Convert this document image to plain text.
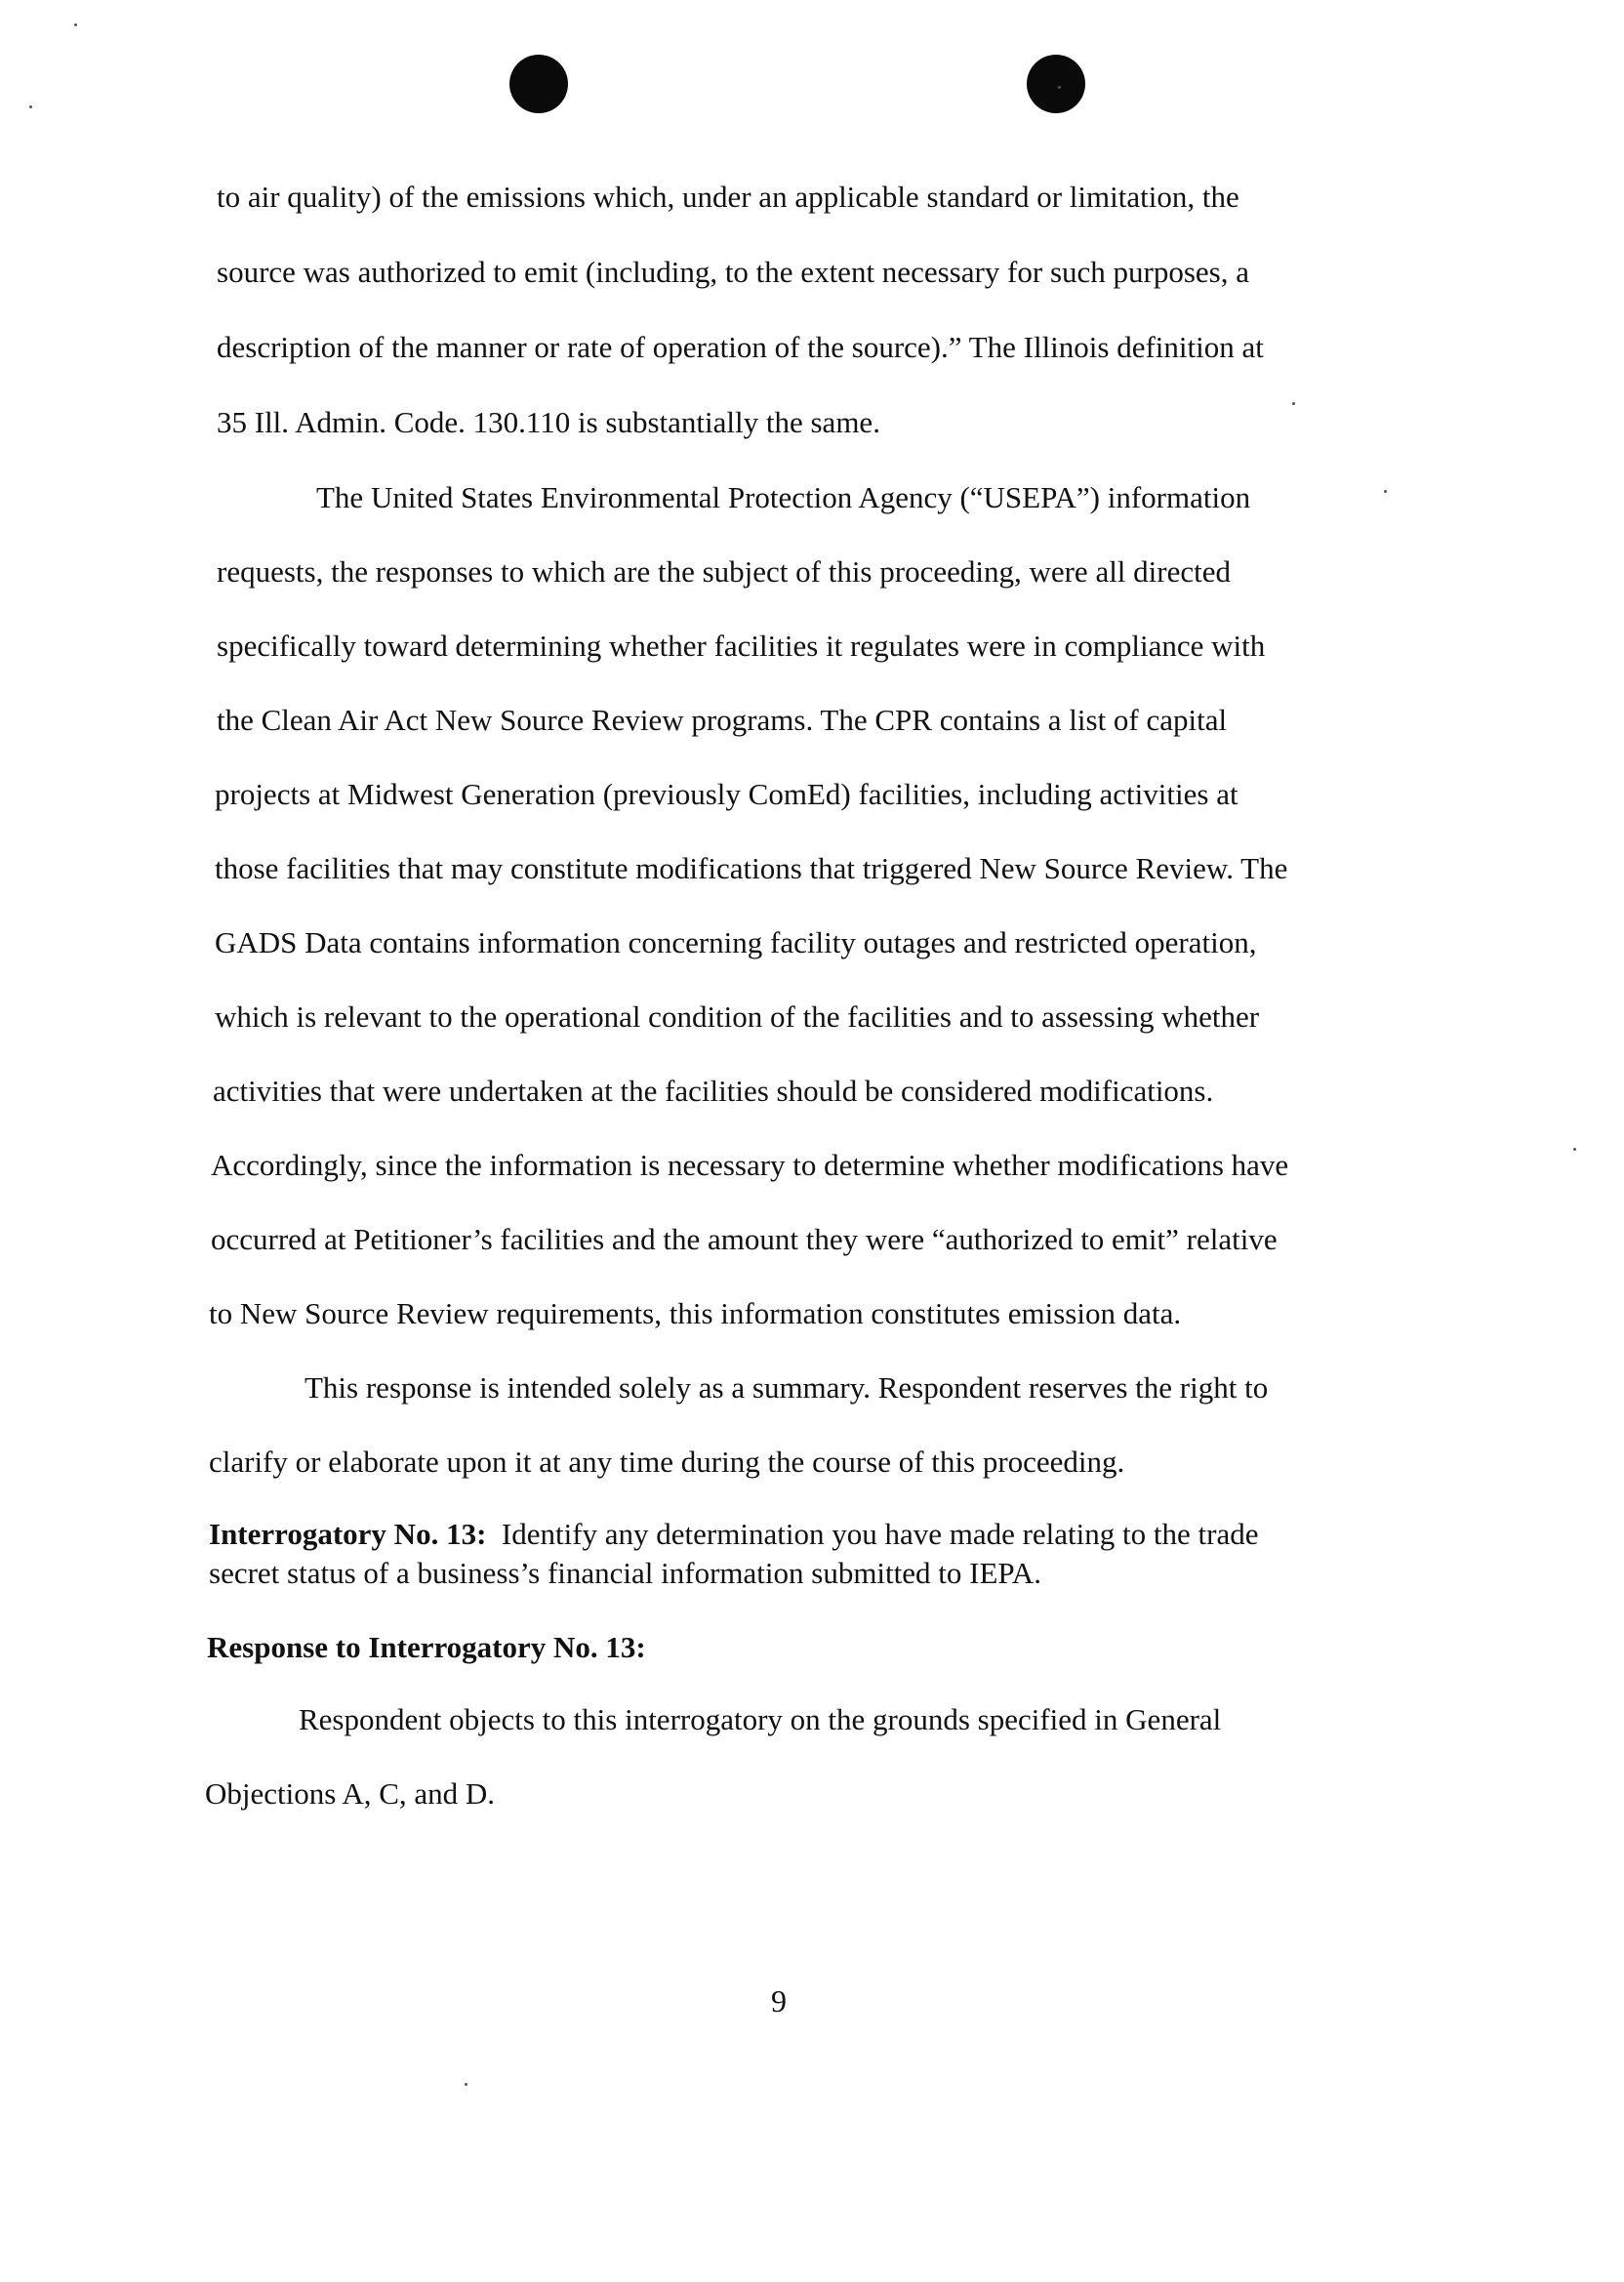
to air quality) of the emissions which, under an applicable standard or limitation, the
source was authorized to emit (including, to the extent necessary for such purposes, a
description of the manner or rate of operation of the source).” The Illinois definition at
35 Ill. Admin. Code. 130.110 is substantially the same.
The United States Environmental Protection Agency (“USEPA”) information
requests, the responses to which are the subject of this proceeding, were all directed
specifically toward determining whether facilities it regulates were in compliance with
the Clean Air Act New Source Review programs. The CPR contains a list of capital
projects at Midwest Generation (previously ComEd) facilities, including activities at
those facilities that may constitute modifications that triggered New Source Review. The
GADS Data contains information concerning facility outages and restricted operation,
which is relevant to the operational condition of the facilities and to assessing whether
activities that were undertaken at the facilities should be considered modifications.
Accordingly, since the information is necessary to determine whether modifications have
occurred at Petitioner’s facilities and the amount they were “authorized to emit” relative
to New Source Review requirements, this information constitutes emission data.
This response is intended solely as a summary. Respondent reserves the right to
clarify or elaborate upon it at any time during the course of this proceeding.
Interrogatory No. 13: Identify any determination you have made relating to the trade
secret status of a business’s financial information submitted to IEPA.
Response to Interrogatory No. 13:
Respondent objects to this interrogatory on the grounds specified in General
Objections A, C, and D.
9
